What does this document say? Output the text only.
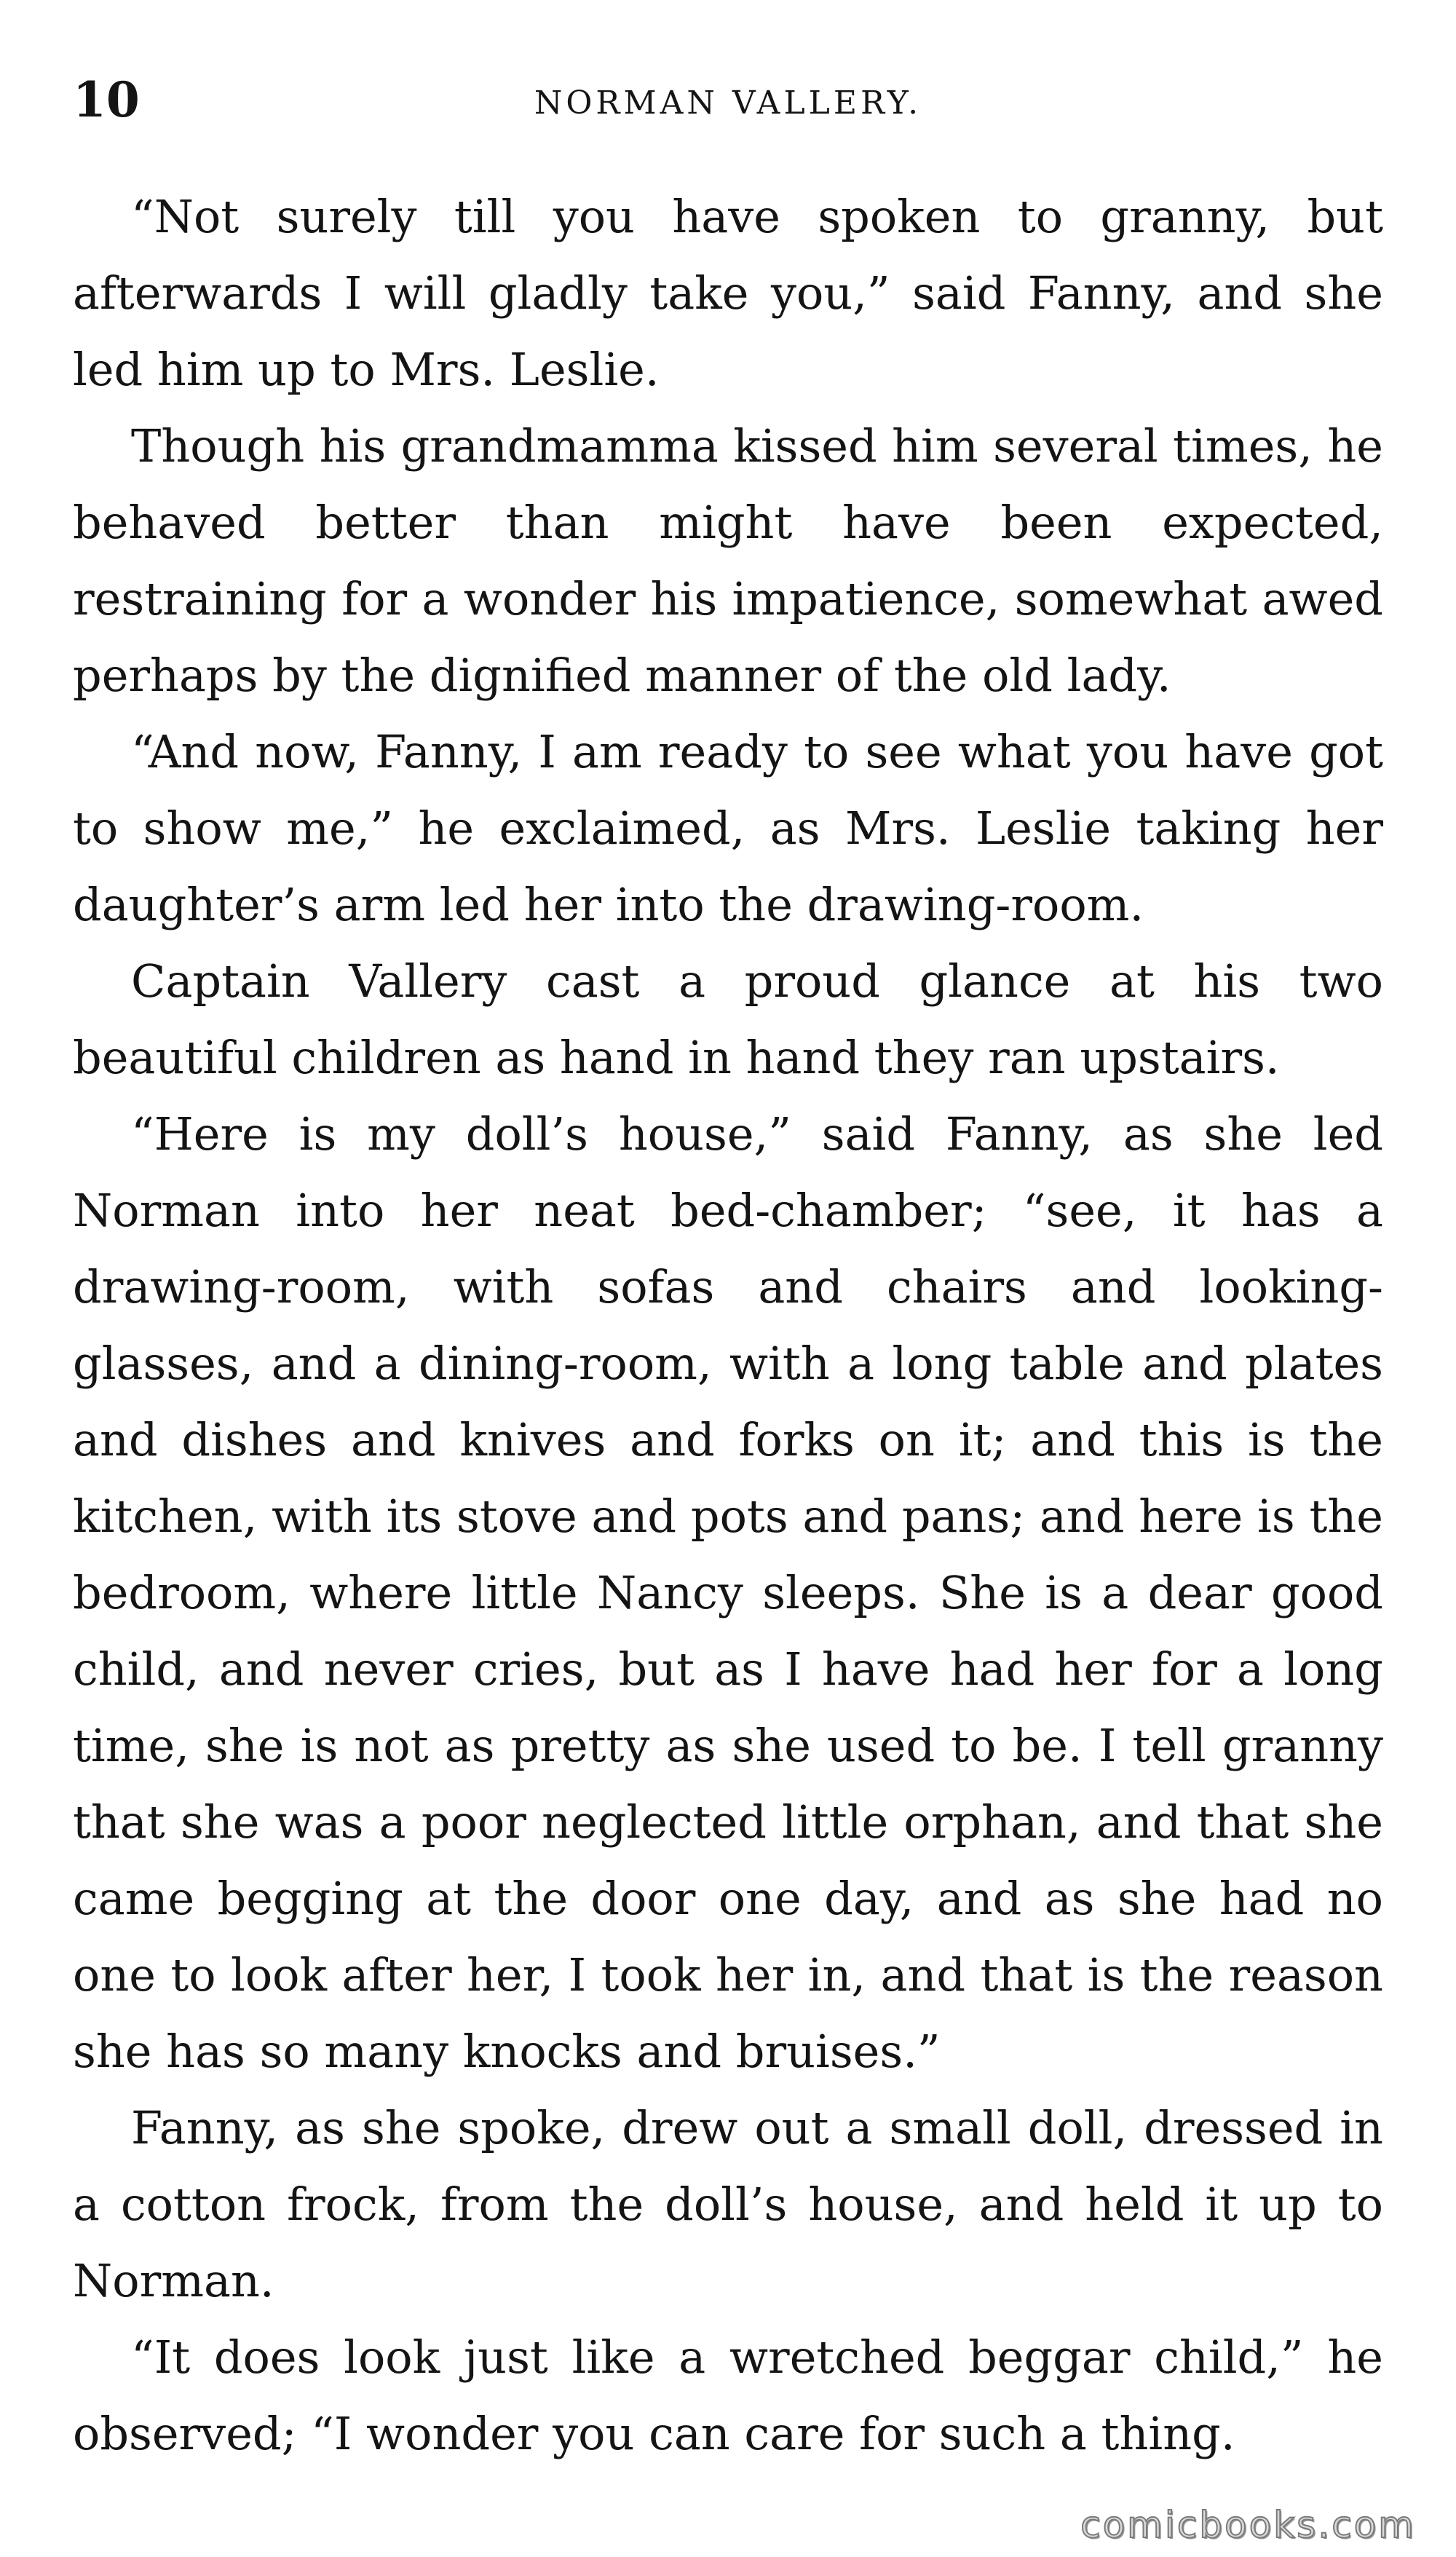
10	NORMAN VALLERY.

“Not surely till you have spoken to granny, but afterwards I will gladly take you,” said Fanny, and she led him up to Mrs. Leslie.

Though his grandmamma kissed him several times, he behaved better than might have been expected, restraining for a wonder his impatience, somewhat awed perhaps by the dignified manner of the old lady.

“And now, Fanny, I am ready to see what you have got to show me,” he exclaimed, as Mrs. Leslie taking her daughter’s arm led her into the drawing-room.

Captain Vallery cast a proud glance at his two beautiful children as hand in hand they ran upstairs.

“Here is my doll’s house,” said Fanny, as she led Norman into her neat bed-chamber; “see, it has a drawing-room, with sofas and chairs and looking-glasses, and a dining-room, with a long table and plates and dishes and knives and forks on it; and this is the kitchen, with its stove and pots and pans; and here is the bedroom, where little Nancy sleeps. She is a dear good child, and never cries, but as I have had her for a long time, she is not as pretty as she used to be. I tell granny that she was a poor neglected little orphan, and that she came begging at the door one day, and as she had no one to look after her, I took her in, and that is the reason she has so many knocks and bruises.”

Fanny, as she spoke, drew out a small doll, dressed in a cotton frock, from the doll’s house, and held it up to Norman.

“It does look just like a wretched beggar child,” he observed; “I wonder you can care for such a thing.

comicbooks.com
